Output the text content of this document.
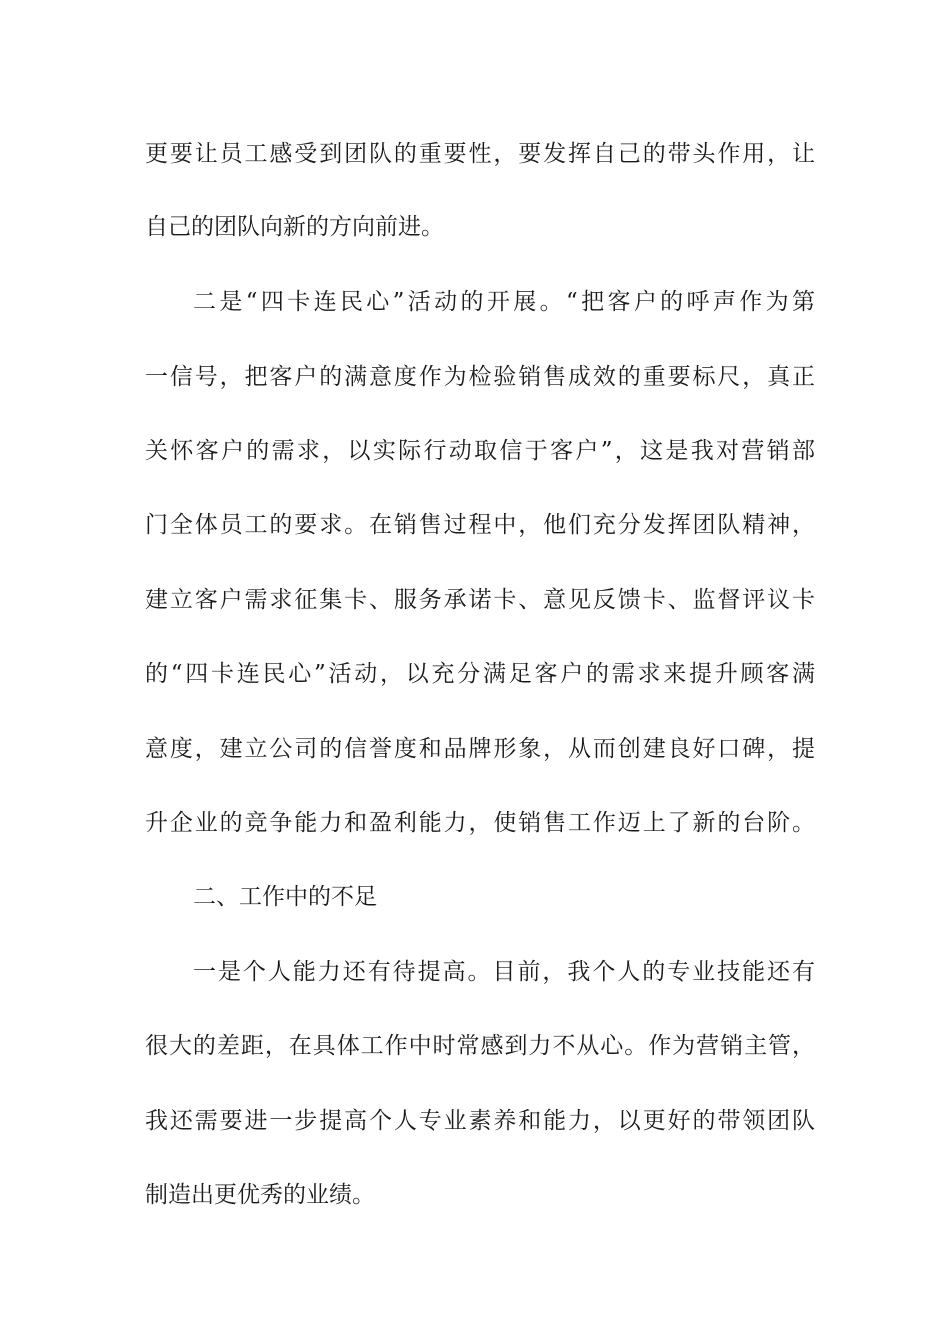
更要让员工感受到团队的重要性，要发挥自己的带头作用，让
自己的团队向新的方向前进。
二是“四卡连民心”活动的开展。“把客户的呼声作为第
一信号，把客户的满意度作为检验销售成效的重要标尺，真正
关怀客户的需求，以实际行动取信于客户”，这是我对营销部
门全体员工的要求。在销售过程中，他们充分发挥团队精神，
建立客户需求征集卡、服务承诺卡、意见反馈卡、监督评议卡
的“四卡连民心”活动，以充分满足客户的需求来提升顾客满
意度，建立公司的信誉度和品牌形象，从而创建良好口碑，提
升企业的竞争能力和盈利能力，使销售工作迈上了新的台阶。
二、工作中的不足
一是个人能力还有待提高。目前，我个人的专业技能还有
很大的差距，在具体工作中时常感到力不从心。作为营销主管，
我还需要进一步提高个人专业素养和能力，以更好的带领团队
制造出更优秀的业绩。
